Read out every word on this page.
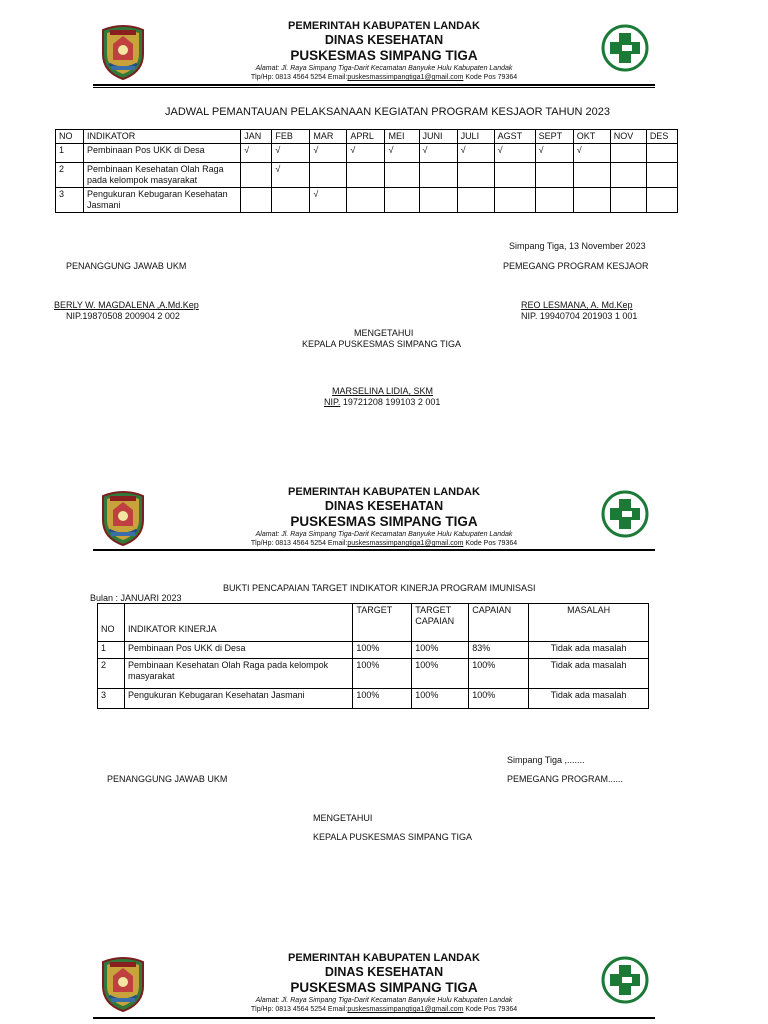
PEMERINTAH KABUPATEN LANDAK
DINAS KESEHATAN
PUSKESMAS SIMPANG TIGA
Alamat: Jl. Raya Simpang Tiga-Darit Kecamatan Banyuke Hulu Kabupaten Landak
Tlp/Hp: 0813 4564 5254 Email:puskesmassimpangtiga1@gmail.com Kode Pos 79364
JADWAL PEMANTAUAN PELAKSANAAN KEGIATAN PROGRAM KESJAOR TAHUN 2023
NO	INDIKATOR	JAN	FEB	MAR	APRL	MEI	JUNI	JULI	AGST	SEPT	OKT	NOV	DES
1	Pembinaan Pos UKK di Desa	√	√	√	√	√	√	√	√	√	√		
2	Pembinaan Kesehatan Olah Raga pada kelompok masyarakat		√										
3	Pengukuran Kebugaran Kesehatan Jasmani			√									
Simpang Tiga, 13 November 2023
PENANGGUNG JAWAB UKM	PEMEGANG PROGRAM KESJAOR
BERLY W. MAGDALENA ,A.Md.Kep
NIP.19870508 200904 2 002
REO LESMANA, A. Md.Kep
NIP. 19940704 201903 1 001
MENGETAHUI
KEPALA PUSKESMAS SIMPANG TIGA
MARSELINA LIDIA, SKM
NIP. 19721208 199103 2 001
PEMERINTAH KABUPATEN LANDAK
DINAS KESEHATAN
PUSKESMAS SIMPANG TIGA
Alamat: Jl. Raya Simpang Tiga-Darit Kecamatan Banyuke Hulu Kabupaten Landak
Tlp/Hp: 0813 4564 5254 Email:puskesmassimpangtiga1@gmail.com Kode Pos 79364
BUKTI PENCAPAIAN TARGET INDIKATOR KINERJA PROGRAM IMUNISASI
Bulan : JANUARI 2023
NO	INDIKATOR KINERJA	TARGET	TARGET CAPAIAN	CAPAIAN	MASALAH
1	Pembinaan Pos UKK di Desa	100%	100%	83%	Tidak ada masalah
2	Pembinaan Kesehatan Olah Raga pada kelompok masyarakat	100%	100%	100%	Tidak ada masalah
3	Pengukuran Kebugaran Kesehatan Jasmani	100%	100%	100%	Tidak ada masalah
Simpang Tiga ,.......
PENANGGUNG JAWAB UKM	PEMEGANG PROGRAM......
MENGETAHUI
KEPALA PUSKESMAS SIMPANG TIGA
PEMERINTAH KABUPATEN LANDAK
DINAS KESEHATAN
PUSKESMAS SIMPANG TIGA
Alamat: Jl. Raya Simpang Tiga-Darit Kecamatan Banyuke Hulu Kabupaten Landak
Tlp/Hp: 0813 4564 5254 Email:puskesmassimpangtiga1@gmail.com Kode Pos 79364
